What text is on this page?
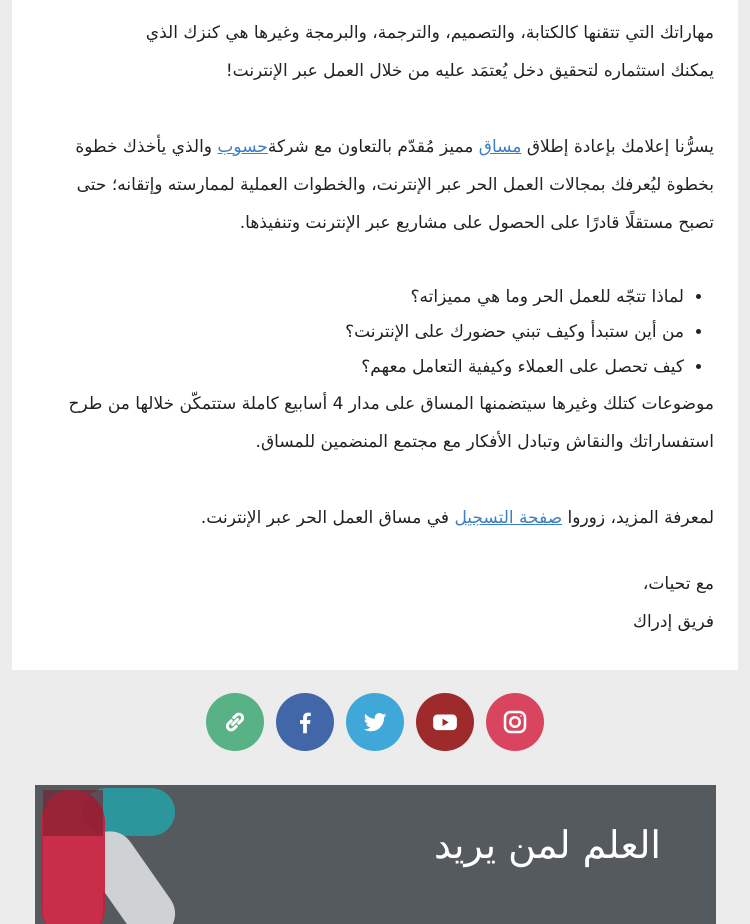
مهاراتك التي تتقنها كالكتابة، والتصميم، والترجمة، والبرمجة وغيرها هي كنزك الذي

يمكنك استثماره لتحقيق دخل يُعتمَد عليه من خلال العمل عبر الإنترنت!

يسرُّنا إعلامك بإعادة إطلاق مساق مميز مُقدّم بالتعاون مع شركةحسوب والذي يأخذك خطوة بخطوة ليُعرفك بمجالات العمل الحر عبر الإنترنت، والخطوات العملية لممارسته وإتقانه؛ حتى تصبح مستقلًا قادرًا على الحصول على مشاريع عبر الإنترنت وتنفيذها.

• لماذا تتجّه للعمل الحر وما هي مميزاته؟
• من أين ستبدأ وكيف تبني حضورك على الإنترنت؟
• كيف تحصل على العملاء وكيفية التعامل معهم؟

موضوعات كتلك وغيرها سيتضمنها المساق على مدار 4 أسابيع كاملة ستتمكّن خلالها من طرح استفساراتك والنقاش وتبادل الأفكار مع مجتمع المنضمين للمساق.

لمعرفة المزيد، زوروا صفحة التسجيل في مساق العمل الحر عبر الإنترنت.

مع تحيات،

فريق إدراك

العلم لمن يريد
